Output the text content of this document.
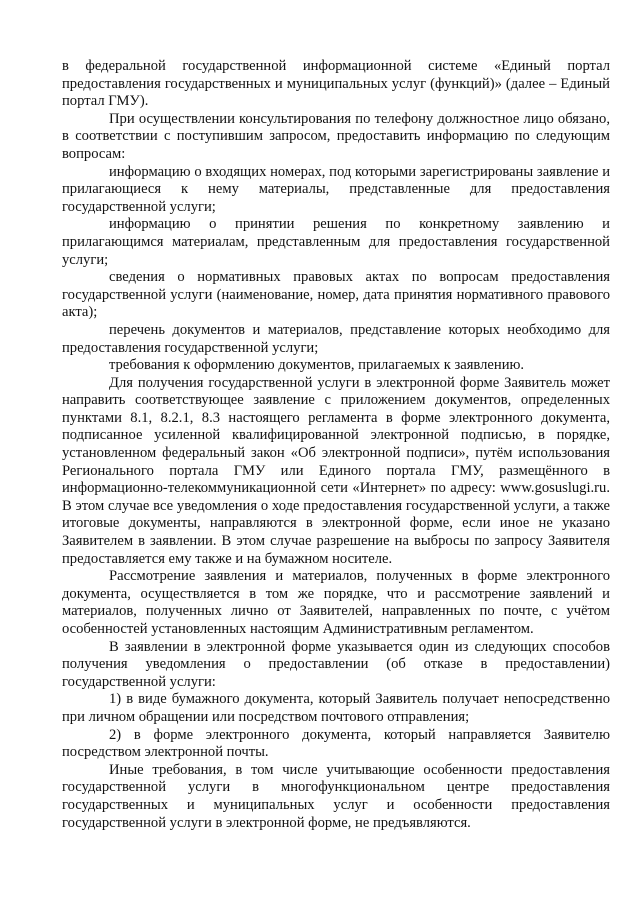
в федеральной государственной информационной системе «Единый портал предоставления государственных и муниципальных услуг (функций)» (далее – Единый портал ГМУ).

При осуществлении консультирования по телефону должностное лицо обязано, в соответствии с поступившим запросом, предоставить информацию по следующим вопросам:

информацию о входящих номерах, под которыми зарегистрированы заявление и прилагающиеся к нему материалы, представленные для предоставления государственной услуги;

информацию о принятии решения по конкретному заявлению и прилагающимся материалам, представленным для предоставления государственной услуги;

сведения о нормативных правовых актах по вопросам предоставления государственной услуги (наименование, номер, дата принятия нормативного правового акта);

перечень документов и материалов, представление которых необходимо для предоставления государственной услуги;

требования к оформлению документов, прилагаемых к заявлению.

Для получения государственной услуги в электронной форме Заявитель может направить соответствующее заявление с приложением документов, определенных пунктами 8.1, 8.2.1, 8.3 настоящего регламента в форме электронного документа, подписанное усиленной квалифицированной электронной подписью, в порядке, установленном федеральный закон «Об электронной подписи», путём использования Регионального портала ГМУ или Единого портала ГМУ, размещённого в информационно-телекоммуникационной сети «Интернет» по адресу: www.gosuslugi.ru. В этом случае все уведомления о ходе предоставления государственной услуги, а также итоговые документы, направляются в электронной форме, если иное не указано Заявителем в заявлении. В этом случае разрешение на выбросы по запросу Заявителя предоставляется ему также и на бумажном носителе.

Рассмотрение заявления и материалов, полученных в форме электронного документа, осуществляется в том же порядке, что и рассмотрение заявлений и материалов, полученных лично от Заявителей, направленных по почте, с учётом особенностей установленных настоящим Административным регламентом.

В заявлении в электронной форме указывается один из следующих способов получения уведомления о предоставлении (об отказе в предоставлении) государственной услуги:

1) в виде бумажного документа, который Заявитель получает непосредственно при личном обращении или посредством почтового отправления;

2) в форме электронного документа, который направляется Заявителю посредством электронной почты.

Иные требования, в том числе учитывающие особенности предоставления государственной услуги в многофункциональном центре предоставления государственных и муниципальных услуг и особенности предоставления государственной услуги в электронной форме, не предъявляются.
